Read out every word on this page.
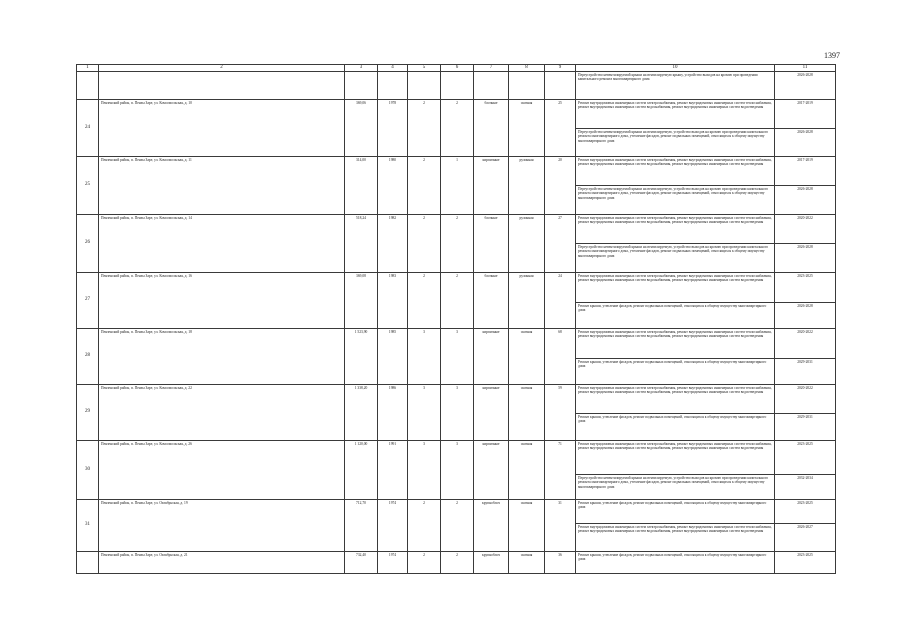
1397
1	2	3	4	5	6	7	8	9	10	11
									Переустройство невентилируемой крыши на вентилируемую крышу, устройство выходов на кровлю при проведении капитального ремонта многоквартирного дома	2026-2028
24	Пензенский район, п. Пензы Заре, ул. Комсомольская, д. 10	369,06	1978	2	2	блочные	скатная	25	Ремонт внутридомовых инженерных систем электроснабжения, ремонт внутридомовых инженерных систем теплоснабжения, ремонт внутридомовых инженерных систем водоснабжения, ремонт внутридомовых инженерных систем водоотведения	2017-2019
									Переустройство невентилируемой крыши на вентилируемую, устройство выходов на кровлю при проведении капитального ремонта многоквартирного дома, утепление фасадов, ремонт подвальных помещений, относящихся к общему имуществу многоквартирного дома	2026-2028
25	Пензенский район, п. Пензы Заре, ул. Комсомольская, д. 11	314,00	1980	2	1	кирпичные	рулонная	20	Ремонт внутридомовых инженерных систем электроснабжения, ремонт внутридомовых инженерных систем теплоснабжения, ремонт внутридомовых инженерных систем водоснабжения, ремонт внутридомовых инженерных систем водоотведения	2017-2019
									Переустройство невентилируемой крыши на вентилируемую, устройство выходов на кровлю при проведении капитального ремонта многоквартирного дома, утепление фасадов, ремонт подвальных помещений, относящихся к общему имуществу многоквартирного дома	2026-2028
26	Пензенский район, п. Пензы Заре, ул. Комсомольская, д. 14	518,24	1982	2	2	блочные	рулонная	27	Ремонт внутридомовых инженерных систем электроснабжения, ремонт внутридомовых инженерных систем теплоснабжения, ремонт внутридомовых инженерных систем водоснабжения, ремонт внутридомовых инженерных систем водоотведения	2020-2022
									Переустройство невентилируемой крыши на вентилируемую, устройство выходов на кровлю при проведении капитального ремонта многоквартирного дома, утепление фасадов, ремонт подвальных помещений, относящихся к общему имуществу многоквартирного дома	2026-2028
27	Пензенский район, п. Пензы Заре, ул. Комсомольская, д. 16	369,08	1983	2	2	блочные	рулонная	24	Ремонт внутридомовых инженерных систем электроснабжения, ремонт внутридомовых инженерных систем теплоснабжения, ремонт внутридомовых инженерных систем водоснабжения, ремонт внутридомовых инженерных систем водоотведения	2023-2025
									Ремонт крыши, утепление фасадов, ремонт подвальных помещений, относящихся к общему имуществу многоквартирного дома	2026-2028
28	Пензенский район, п. Пензы Заре, ул. Комсомольская, д. 18	1 523,90	1985	3	3	кирпичные	скатная	68	Ремонт внутридомовых инженерных систем электроснабжения, ремонт внутридомовых инженерных систем теплоснабжения, ремонт внутридомовых инженерных систем водоснабжения, ремонт внутридомовых инженерных систем водоотведения	2020-2022
									Ремонт крыши, утепление фасадов, ремонт подвальных помещений, относящихся к общему имуществу многоквартирного дома	2029-2031
29	Пензенский район, п. Пензы Заре, ул. Комсомольская, д. 22	1 338,20	1986	3	3	кирпичные	скатная	59	Ремонт внутридомовых инженерных систем электроснабжения, ремонт внутридомовых инженерных систем теплоснабжения, ремонт внутридомовых инженерных систем водоснабжения, ремонт внутридомовых инженерных систем водоотведения	2020-2022
									Ремонт крыши, утепление фасадов, ремонт подвальных помещений, относящихся к общему имуществу многоквартирного дома	2029-2031
30	Пензенский район, п. Пензы Заре, ул. Комсомольская, д. 26	1 120,00	1991	3	3	кирпичные	скатная	71	Ремонт внутридомовых инженерных систем электроснабжения, ремонт внутридомовых инженерных систем теплоснабжения, ремонт внутридомовых инженерных систем водоснабжения, ремонт внутридомовых инженерных систем водоотведения	2023-2025
									Переустройство невентилируемой крыши на вентилируемую, устройство выходов на кровлю при проведении капитального ремонта многоквартирного дома, утепление фасадов, ремонт подвальных помещений, относящихся к общему имуществу многоквартирного дома	2032-2034
31	Пензенский район, п. Пензы Заре, ул. Октябрьская, д. 19	712,70	1974	2	2	крупноблоч	скатная	31	Ремонт крыши, утепление фасадов, ремонт подвальных помещений, относящихся к общему имуществу многоквартирного дома	2023-2025
									Ремонт внутридомовых инженерных систем электроснабжения, ремонт внутридомовых инженерных систем теплоснабжения, ремонт внутридомовых инженерных систем водоснабжения, ремонт внутридомовых инженерных систем водоотведения	2026-2027
	Пензенский район, п. Пензы Заре, ул. Октябрьская, д. 21	732,40	1974	2	2	крупноблоч	скатная	36	Ремонт крыши, утепление фасадов, ремонт подвальных помещений, относящихся к общему имуществу многоквартирного дома	2023-2025
